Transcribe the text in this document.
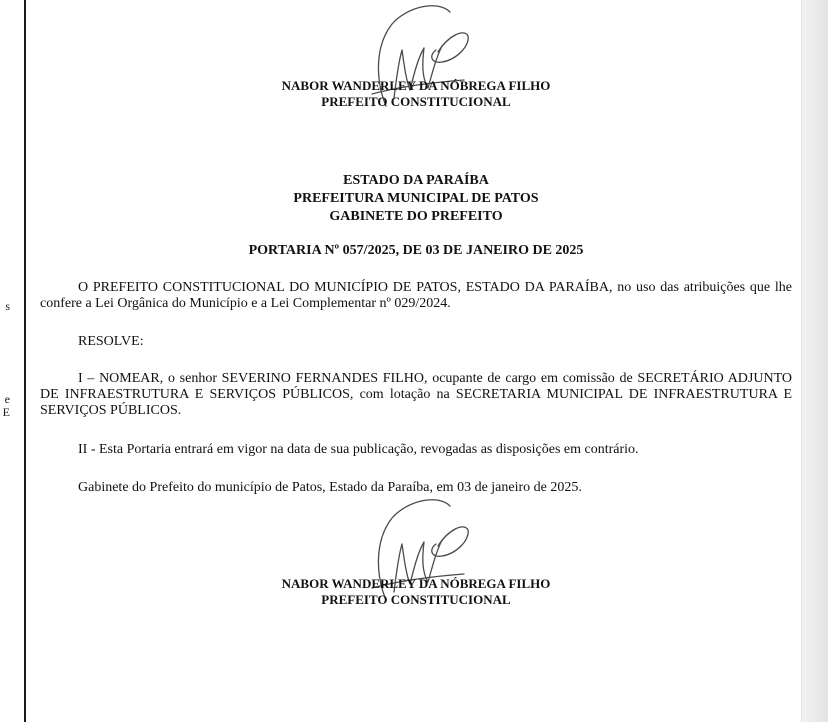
s
e
E
NABOR WANDERLEY DA NÓBREGA FILHO
PREFEITO CONSTITUCIONAL
ESTADO DA PARAÍBA
PREFEITURA MUNICIPAL DE PATOS
GABINETE DO PREFEITO
PORTARIA Nº 057/2025, DE 03 DE JANEIRO DE 2025
O PREFEITO CONSTITUCIONAL DO MUNICÍPIO DE PATOS, ESTADO DA PARAÍBA, no uso das atribuições que lhe confere a Lei Orgânica do Município e a Lei Complementar nº 029/2024.
RESOLVE:
I – NOMEAR, o senhor SEVERINO FERNANDES FILHO, ocupante de cargo em comissão de SECRETÁRIO ADJUNTO DE INFRAESTRUTURA E SERVIÇOS PÚBLICOS, com lotação na SECRETARIA MUNICIPAL DE INFRAESTRUTURA E SERVIÇOS PÚBLICOS.
II - Esta Portaria entrará em vigor na data de sua publicação, revogadas as disposições em contrário.
Gabinete do Prefeito do município de Patos, Estado da Paraíba, em 03 de janeiro de 2025.
NABOR WANDERLEY DA NÓBREGA FILHO
PREFEITO CONSTITUCIONAL
